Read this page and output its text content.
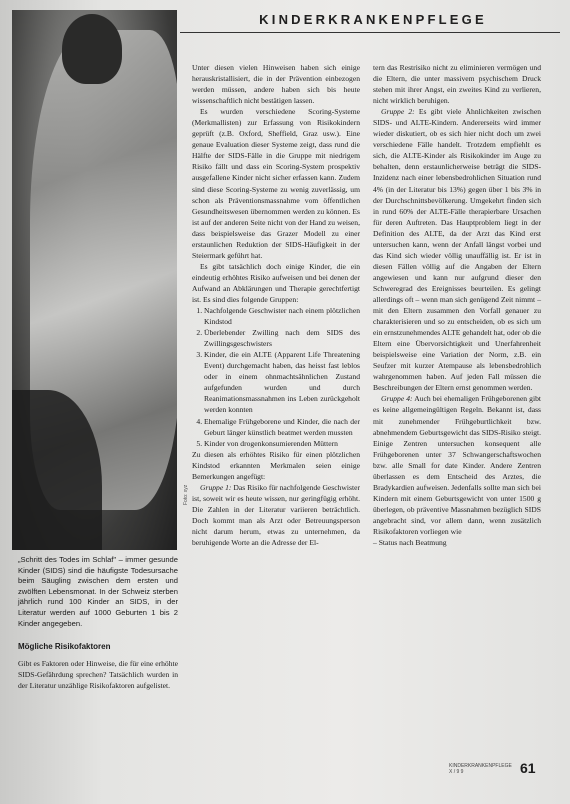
KINDERKRANKENPFLEGE
Foto: xyz
„Schritt des Todes im Schlaf" – immer gesunde Kinder (SIDS) sind die häufigste Todesursache beim Säugling zwischen dem ersten und zwölften Lebensmonat. In der Schweiz sterben jährlich rund 100 Kinder an SIDS, in der Literatur werden auf 1000 Geburten 1 bis 2 Kinder angegeben.
Mögliche Risikofaktoren

Gibt es Faktoren oder Hinweise, die für eine erhöhte SIDS-Gefährdung sprechen? Tatsächlich wurden in der Literatur unzählige Risikofaktoren aufgelistet.

Unter diesen vielen Hinweisen haben sich einige herauskristallisiert, die in der Prävention einbezogen werden müssen, andere haben sich bis heute wissenschaftlich nicht bestätigen lassen.

Es wurden verschiedene Scoring-Systeme (Merkmallisten) zur Erfassung von Risikokindern geprüft (z.B. Oxford, Sheffield, Graz usw.). Eine genaue Evaluation dieser Systeme zeigt, dass rund die Hälfte der SIDS-Fälle in die Gruppe mit niedrigem Risiko fällt und dass ein Scoring-System prospektiv ausgefallene Kinder nicht sicher erfassen kann. Zudem sind diese Scoring-Systeme zu wenig zuverlässig, um schon als Präventionsmassnahme vom öffentlichen Gesundheitswesen übernommen werden zu können. Es ist auf der anderen Seite nicht von der Hand zu weisen, dass beispielsweise das Grazer Modell zu einer erstaunlichen Reduktion der SIDS-Häufigkeit in der Steiermark geführt hat.

Es gibt tatsächlich doch einige Kinder, die ein eindeutig erhöhtes Risiko aufweisen und bei denen der Aufwand an Abklärungen und Therapie gerechtfertigt ist. Es sind dies folgende Gruppen:

1. Nachfolgende Geschwister nach einem plötzlichen Kindstod
2. Überlebender Zwilling nach dem SIDS des Zwillingsgeschwisters
3. Kinder, die ein ALTE (Apparent Life Threatening Event) durchgemacht haben, das heisst fast leblos oder in einem ohnmachtsähnlichen Zustand aufgefunden wurden und durch Reanimationsmassnahmen ins Leben zurückgeholt werden konnten
4. Ehemalige Frühgeborene und Kinder, die nach der Geburt länger künstlich beatmet werden mussten
5. Kinder von drogenkonsumierenden Müttern

Zu diesen als erhöhtes Risiko für einen plötzlichen Kindstod erkannten Merkmalen seien einige Bemerkungen angefügt:

Gruppe 1: Das Risiko für nachfolgende Geschwister ist, soweit wir es heute wissen, nur geringfügig erhöht. Die Zahlen in der Literatur variieren beträchtlich. Doch kommt man als Arzt oder Betreuungsperson nicht darum herum, etwas zu unternehmen, da beruhigende Worte an die Adresse der El-

tern das Restrisiko nicht zu eliminieren vermögen und die Eltern, die unter massivem psychischem Druck stehen mit ihrer Angst, ein zweites Kind zu verlieren, nicht wirklich beruhigen.

Gruppe 2: Es gibt viele Ähnlichkeiten zwischen SIDS- und ALTE-Kindern. Andererseits wird immer wieder diskutiert, ob es sich hier nicht doch um zwei verschiedene Fälle handelt. Trotzdem empfiehlt es sich, die ALTE-Kinder als Risikokinder im Auge zu behalten, denn erstaunlicherweise beträgt die SIDS-Inzidenz nach einer lebensbedrohlichen Situation rund 4% (in der Literatur bis 13%) gegen über 1 bis 3% in der Durchschnittsbevölkerung. Umgekehrt finden sich in rund 60% der ALTE-Fälle therapierbare Ursachen für deren Auftreten. Das Hauptproblem liegt in der Definition des ALTE, da der Arzt das Kind erst untersuchen kann, wenn der Anfall längst vorbei und das Kind sich wieder völlig unauffällig ist. Er ist in diesen Fällen völlig auf die Angaben der Eltern angewiesen und kann nur aufgrund dieser den Schweregrad des Ereignisses beurteilen. Es gelingt allerdings oft – wenn man sich genügend Zeit nimmt – mit den Eltern zusammen den Vorfall genauer zu charakterisieren und so zu entscheiden, ob es sich um ein ernstzunehmendes ALTE gehandelt hat, oder ob die Eltern eine Übervorsichtigkeit und Unerfahrenheit beispielsweise eine Variation der Norm, z.B. ein Seufzer mit kurzer Atempause als lebensbedrohlich wahrgenommen haben. Auf jeden Fall müssen die Beschreibungen der Eltern ernst genommen werden.

Gruppe 4: Auch bei ehemaligen Frühgeborenen gibt es keine allgemeingültigen Regeln. Bekannt ist, dass mit zunehmender Frühgeburtlichkeit bzw. abnehmendem Geburtsgewicht das SIDS-Risiko steigt. Einige Zentren untersuchen konsequent alle Frühgeborenen unter 37 Schwangerschaftswochen bzw. alle Small for date Kinder. Andere Zentren überlassen es dem Entscheid des Arztes, die Bradykardien aufweisen. Jedenfalls sollte man sich bei Kindern mit einem Geburtsgewicht von unter 1500 g überlegen, ob präventive Massnahmen bezüglich SIDS angebracht sind, vor allem dann, wenn zusätzlich Risikofaktoren vorliegen wie

– Status nach Beatmung

KINDERKRANKENPFLEGE
X / 9 9	61
